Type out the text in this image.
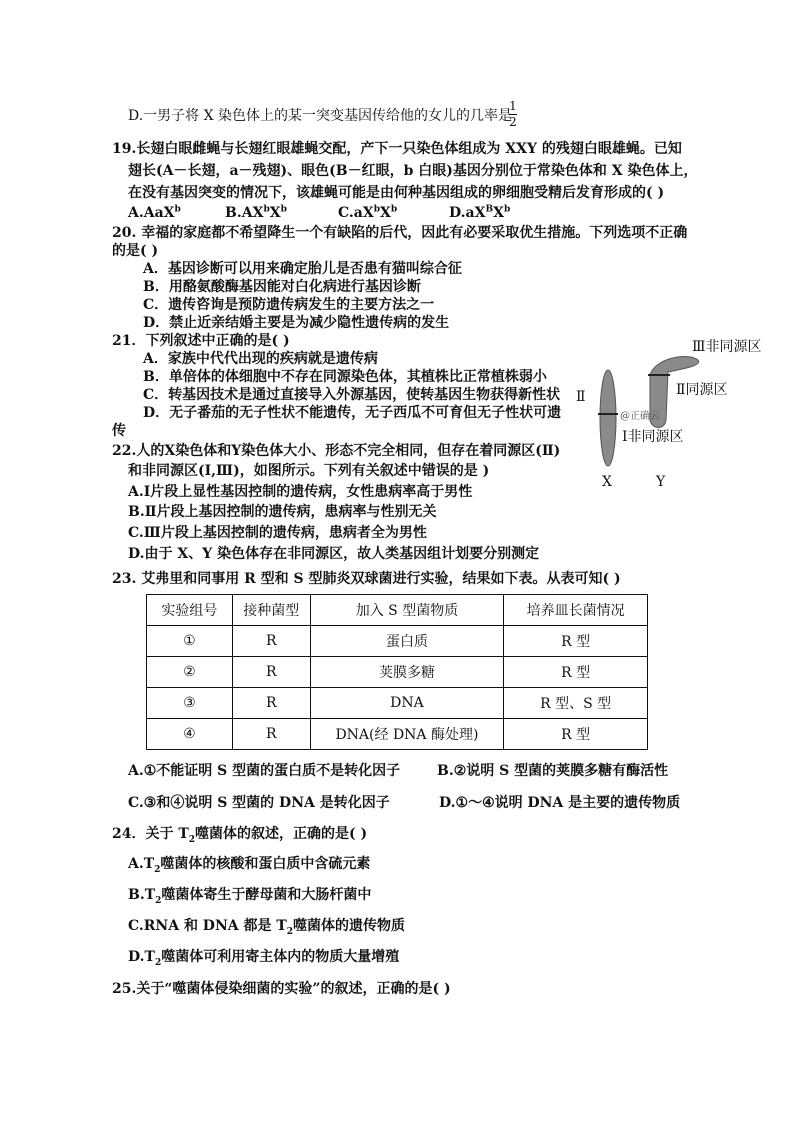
D.一男子将 X 染色体上的某一突变基因传给他的女儿的几率是
1
2
19.长翅白眼雌蝇与长翅红眼雄蝇交配，产下一只染色体组成为 XXY 的残翅白眼雄蝇。已知
翅长(A－长翅，a－残翅)、眼色(B－红眼，b 白眼)基因分别位于常染色体和 X 染色体上，
在没有基因突变的情况下，该雄蝇可能是由何种基因组成的卵细胞受精后发育形成的( )
A.AaX$^b$	$B.AX^bX^b$	$C.aX^bX^b$	$D.aX^BX^b$
20. 幸福的家庭都不希望降生一个有缺陷的后代，因此有必要采取优生措施。下列选项不正确
的是( )
A．基因诊断可以用来确定胎儿是否患有猫叫综合征
B．用酪氨酸酶基因能对白化病进行基因诊断
C．遗传咨询是预防遗传病发生的主要方法之一
D．禁止近亲结婚主要是为减少隐性遗传病的发生
21．下列叙述中正确的是( )
A．家族中代代出现的疾病就是遗传病
B．单倍体的体细胞中不存在同源染色体，其植株比正常植株弱小
C．转基因技术是通过直接导入外源基因，使转基因生物获得新性状
D．无子番茄的无子性状不能遗传，无子西瓜不可育但无子性状可遗
传
22.人的X染色体和Y染色体大小、形态不完全相同，但存在着同源区(Ⅱ)
和非同源区(Ⅰ,Ⅲ)，如图所示。下列有关叙述中错误的是 )
A.Ⅰ片段上显性基因控制的遗传病，女性患病率高于男性
B.Ⅱ片段上基因控制的遗传病，患病率与性别无关
C.Ⅲ片段上基因控制的遗传病，患病者全为男性
D.由于 X、Y 染色体存在非同源区，故人类基因组计划要分别测定
Ⅲ非同源区
Ⅱ同源区
Ⅱ
@正确云
Ⅰ非同源区
X	Y
23. 艾弗里和同事用 R 型和 S 型肺炎双球菌进行实验，结果如下表。从表可知( )
实验组号	接种菌型	加入 S 型菌物质	培养皿长菌情况
①	R	蛋白质	R 型
②	R	荚膜多糖	R 型
③	R	DNA	R 型、S 型
④	R	DNA(经 DNA 酶处理)	R 型
A.①不能证明 S 型菌的蛋白质不是转化因子	B.②说明 S 型菌的荚膜多糖有酶活性
C.③和④说明 S 型菌的 DNA 是转化因子	D.①～④说明 DNA 是主要的遗传物质
24．关于 $T_2$噬菌体的叙述，正确的是( )
$A.T_2$噬菌体的核酸和蛋白质中含硫元素
$B.T_2$噬菌体寄生于酵母菌和大肠杆菌中
C.RNA 和 DNA 都是 $T_2$噬菌体的遗传物质
$D.T_2$噬菌体可利用寄主体内的物质大量增殖
25.关于“噬菌体侵染细菌的实验”的叙述，正确的是( )
